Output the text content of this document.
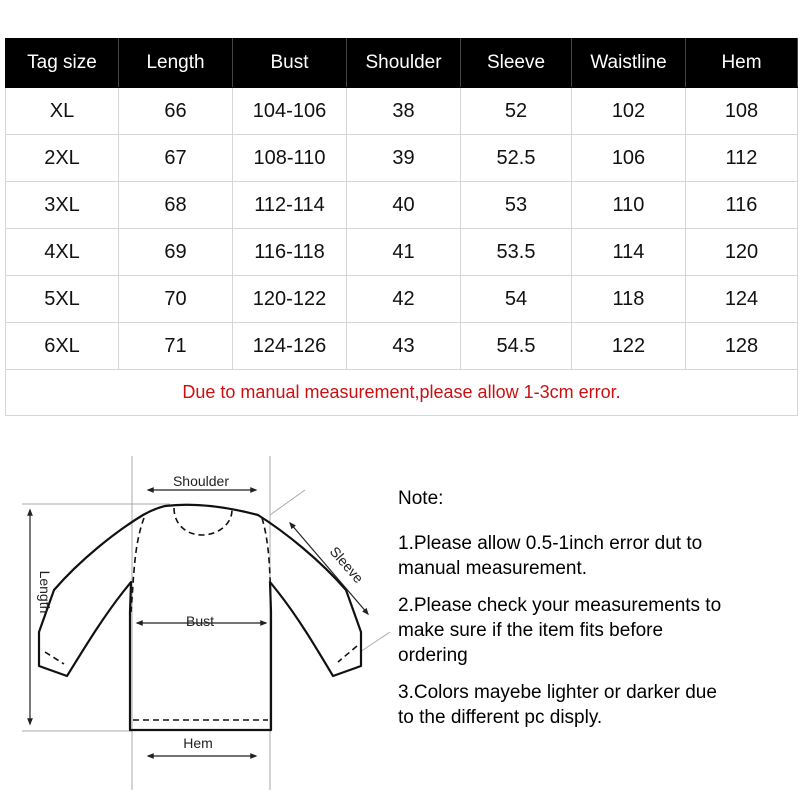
Tag size	Length	Bust	Shoulder	Sleeve	Waistline	Hem
XL	66	104-106	38	52	102	108
2XL	67	108-110	39	52.5	106	112
3XL	68	112-114	40	53	110	116
4XL	69	116-118	41	53.5	114	120
5XL	70	120-122	42	54	118	124
6XL	71	124-126	43	54.5	122	128
Due to manual measurement,please allow 1-3cm error.						
Shoulder
Sleeve
Length
Bust
Hem
Note:
1.Please allow 0.5-1inch error dut to
manual measurement.
2.Please check your measurements to
make sure if the item fits before
ordering
3.Colors mayebe lighter or darker due
to the different pc disply.
